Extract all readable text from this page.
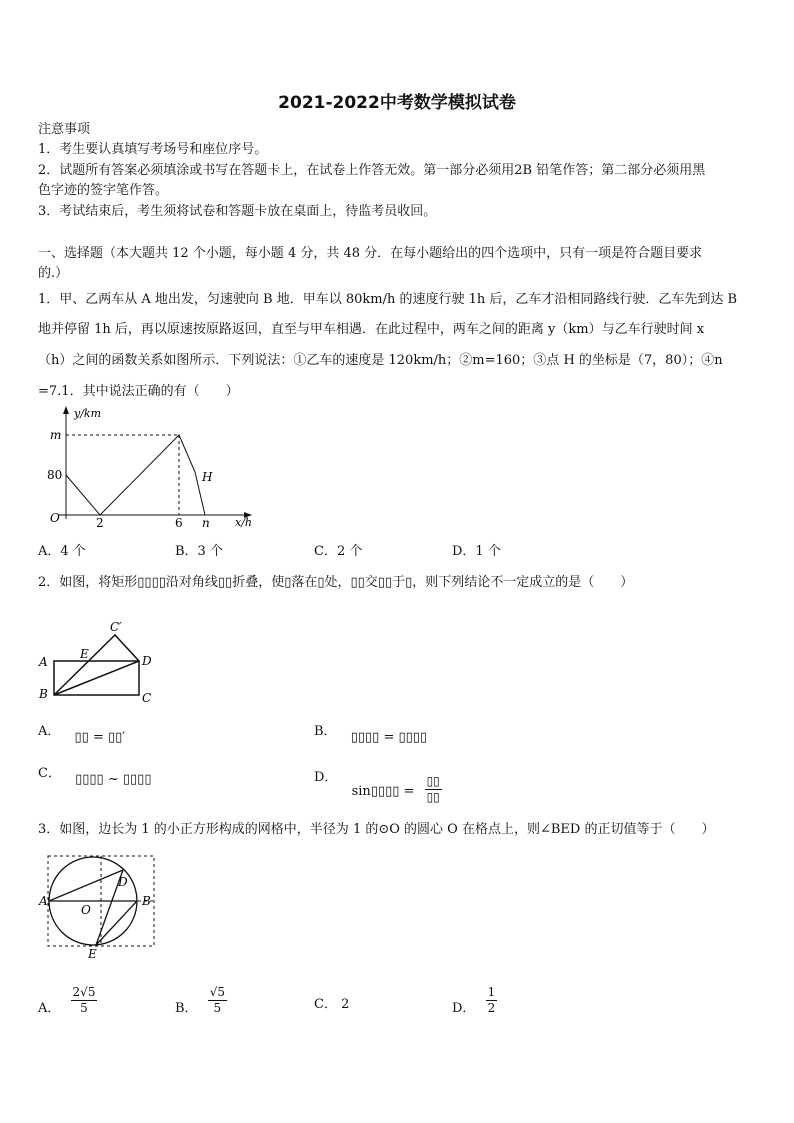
2021-2022中考数学模拟试卷
注意事项
1．考生要认真填写考场号和座位序号。
2．试题所有答案必须填涂或书写在答题卡上，在试卷上作答无效。第一部分必须用2B 铅笔作答；第二部分必须用黑
色字迹的签字笔作答。
3．考试结束后，考生须将试卷和答题卡放在桌面上，待监考员收回。
一、选择题（本大题共 12 个小题，每小题 4 分，共 48 分．在每小题给出的四个选项中，只有一项是符合题目要求
的.）
1．甲、乙两车从 A 地出发，匀速驶向 B 地．甲车以 80km/h 的速度行驶 1h 后，乙车才沿相同路线行驶．乙车先到达 B
地并停留 1h 后，再以原速按原路返回，直至与甲车相遇．在此过程中，两车之间的距离 y（km）与乙车行驶时间 x
（h）之间的函数关系如图所示．下列说法：①乙车的速度是 120km/h；②m=160；③点 H 的坐标是（7，80）；④n
=7.1．其中说法正确的有（　　）
y/km
x/h
O
m
80
2	6 n
H
A．4 个	B．3 个	C．2 个	D．1 个
2．如图，将矩形▯▯▯▯沿对角线▯▯折叠，使▯落在▯处，▯▯交▯▯于▯，则下列结论不一定成立的是（　　）
A
B	C
D
E
C′
A． ▯▯ = ▯▯′	B． ▯▯▯▯ = ▯▯▯▯
C． ▯▯▯▯ ~ ▯▯▯▯	D． sin▯▯▯▯ = $\frac{▯▯}{▯▯}$
3．如图，边长为 1 的小正方形构成的网格中，半径为 1 的⊙O 的圆心 O 在格点上，则∠BED 的正切值等于（　　）
A	B
D
E
O
A． $\frac{2√5}{5}$	B． $\frac{√5}{5}$	C． 2	D． $\frac{1}{2}$
